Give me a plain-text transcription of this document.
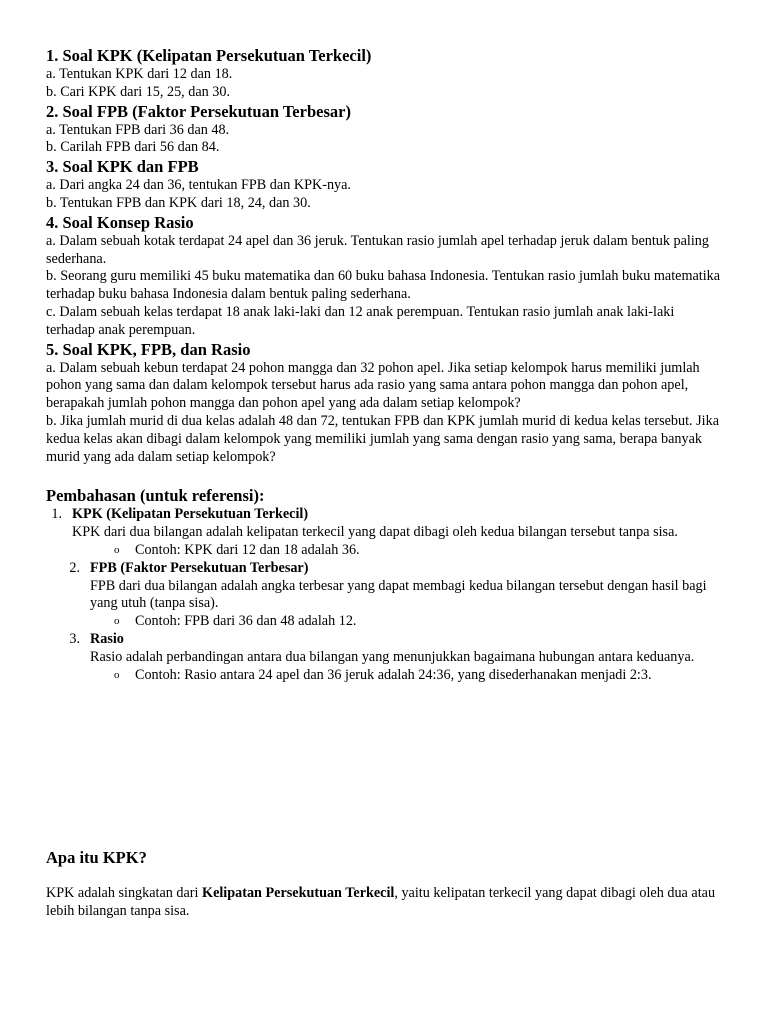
1. Soal KPK (Kelipatan Persekutuan Terkecil)

a. Tentukan KPK dari 12 dan 18.

b. Cari KPK dari 15, 25, dan 30.

2. Soal FPB (Faktor Persekutuan Terbesar)

a. Tentukan FPB dari 36 dan 48.

b. Carilah FPB dari 56 dan 84.

3. Soal KPK dan FPB

a. Dari angka 24 dan 36, tentukan FPB dan KPK-nya.

b. Tentukan FPB dan KPK dari 18, 24, dan 30.

4. Soal Konsep Rasio

a. Dalam sebuah kotak terdapat 24 apel dan 36 jeruk. Tentukan rasio jumlah apel terhadap jeruk dalam bentuk paling sederhana.

b. Seorang guru memiliki 45 buku matematika dan 60 buku bahasa Indonesia. Tentukan rasio jumlah buku matematika terhadap buku bahasa Indonesia dalam bentuk paling sederhana.

c. Dalam sebuah kelas terdapat 18 anak laki-laki dan 12 anak perempuan. Tentukan rasio jumlah anak laki-laki terhadap anak perempuan.

5. Soal KPK, FPB, dan Rasio

a. Dalam sebuah kebun terdapat 24 pohon mangga dan 32 pohon apel. Jika setiap kelompok harus memiliki jumlah pohon yang sama dan dalam kelompok tersebut harus ada rasio yang sama antara pohon mangga dan pohon apel, berapakah jumlah pohon mangga dan pohon apel yang ada dalam setiap kelompok?

b. Jika jumlah murid di dua kelas adalah 48 dan 72, tentukan FPB dan KPK jumlah murid di kedua kelas tersebut. Jika kedua kelas akan dibagi dalam kelompok yang memiliki jumlah yang sama dengan rasio yang sama, berapa banyak murid yang ada dalam setiap kelompok?

Pembahasan (untuk referensi):
1. KPK (Kelipatan Persekutuan Terkecil)

KPK dari dua bilangan adalah kelipatan terkecil yang dapat dibagi oleh kedua bilangan tersebut tanpa sisa.

o Contoh: KPK dari 12 dan 18 adalah 36.
2. FPB (Faktor Persekutuan Terbesar)

FPB dari dua bilangan adalah angka terbesar yang dapat membagi kedua bilangan tersebut dengan hasil bagi yang utuh (tanpa sisa).

o Contoh: FPB dari 36 dan 48 adalah 12.
3. Rasio

Rasio adalah perbandingan antara dua bilangan yang menunjukkan bagaimana hubungan antara keduanya.

o Contoh: Rasio antara 24 apel dan 36 jeruk adalah 24:36, yang disederhanakan menjadi 2:3.
Apa itu KPK?

KPK adalah singkatan dari Kelipatan Persekutuan Terkecil, yaitu kelipatan terkecil yang dapat dibagi oleh dua atau lebih bilangan tanpa sisa.
